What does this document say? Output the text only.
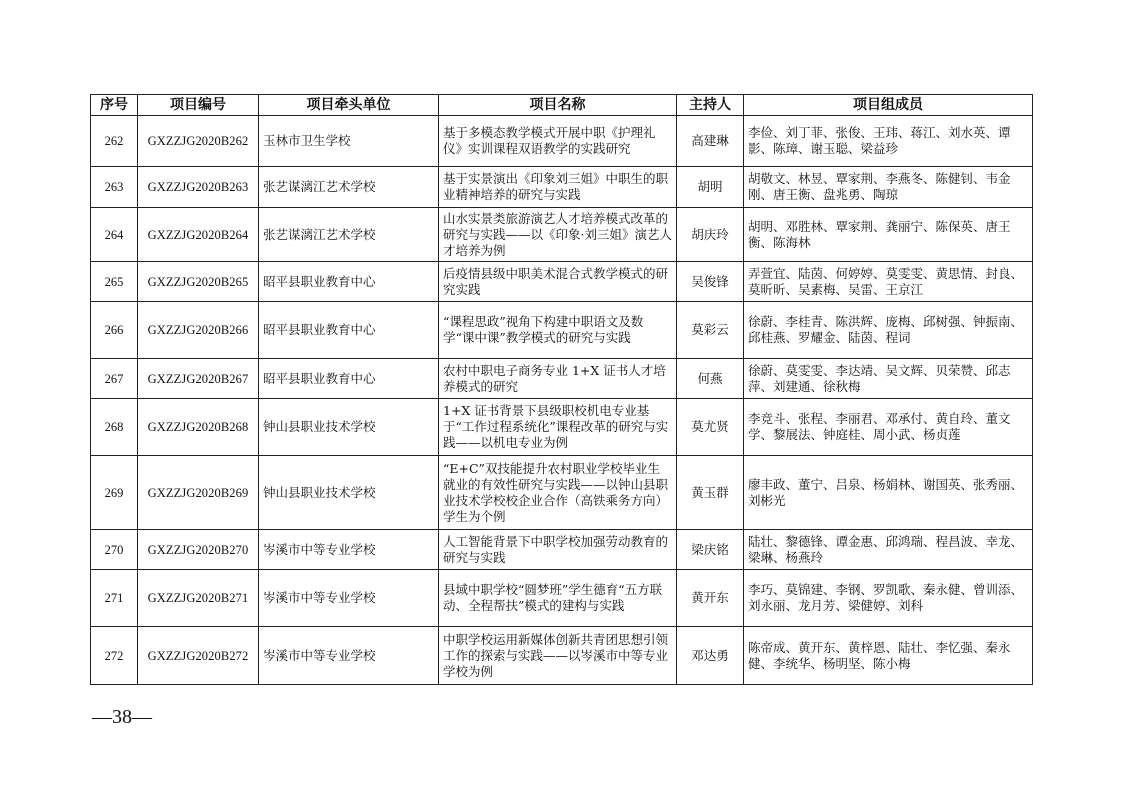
序号	项目编号	项目牵头单位	项目名称	主持人	项目组成员
262	GXZZJG2020B262	玉林市卫生学校	基于多模态教学模式开展中职《护理礼仪》实训课程双语教学的实践研究	高建琳	李俭、刘丁菲、张俊、王玮、蒋江、刘水英、谭影、陈璋、谢玉聪、梁益珍
263	GXZZJG2020B263	张艺谋漓江艺术学校	基于实景演出《印象刘三姐》中职生的职业精神培养的研究与实践	胡明	胡敬文、林昱、覃家荆、李燕冬、陈健钊、韦金刚、唐王衡、盘兆勇、陶琼
264	GXZZJG2020B264	张艺谋漓江艺术学校	山水实景类旅游演艺人才培养模式改革的研究与实践——以《印象·刘三姐》演艺人才培养为例	胡庆玲	胡明、邓胜林、覃家荆、龚丽宁、陈保英、唐王衡、陈海林
265	GXZZJG2020B265	昭平县职业教育中心	后疫情县级中职美术混合式教学模式的研究实践	吴俊锋	弄萱宜、陆茵、何婷婷、莫雯雯、黄思情、封良、莫昕昕、吴素梅、吴雷、王京江
266	GXZZJG2020B266	昭平县职业教育中心	“课程思政”视角下构建中职语文及数学“课中课”教学模式的研究与实践	莫彩云	徐蔚、李桂青、陈洪辉、庞梅、邱树强、钟振南、邱桂燕、罗耀金、陆茵、程词
267	GXZZJG2020B267	昭平县职业教育中心	农村中职电子商务专业 1+X 证书人才培养模式的研究	何燕	徐蔚、莫雯雯、李达靖、吴文辉、贝荣赞、邱志萍、刘建通、徐秋梅
268	GXZZJG2020B268	钟山县职业技术学校	1+X 证书背景下县级职校机电专业基于“工作过程系统化”课程改革的研究与实践——以机电专业为例	莫尤贤	李竞斗、张程、李丽君、邓承付、黄自玲、董文学、黎展法、钟庭桂、周小武、杨贞莲
269	GXZZJG2020B269	钟山县职业技术学校	“E+C”双技能提升农村职业学校毕业生就业的有效性研究与实践——以钟山县职业技术学校校企业合作（高铁乘务方向）学生为个例	黄玉群	廖丰政、董宁、吕泉、杨娟林、谢国英、张秀丽、刘彬光
270	GXZZJG2020B270	岑溪市中等专业学校	人工智能背景下中职学校加强劳动教育的研究与实践	梁庆铭	陆壮、黎德锋、谭金惠、邱鸿瑞、程昌波、幸龙、梁琳、杨燕玲
271	GXZZJG2020B271	岑溪市中等专业学校	县域中职学校“圆梦班”学生德育“五方联动、全程帮扶”模式的建构与实践	黄开东	李巧、莫锦建、李钢、罗凯歌、秦永健、曾训添、刘永丽、龙月芳、梁健婷、刘科
272	GXZZJG2020B272	岑溪市中等专业学校	中职学校运用新媒体创新共青团思想引领工作的探索与实践——以岑溪市中等专业学校为例	邓达勇	陈帝成、黄开东、黄梓恩、陆壮、李忆强、秦永健、李统华、杨明坚、陈小梅
—38—
